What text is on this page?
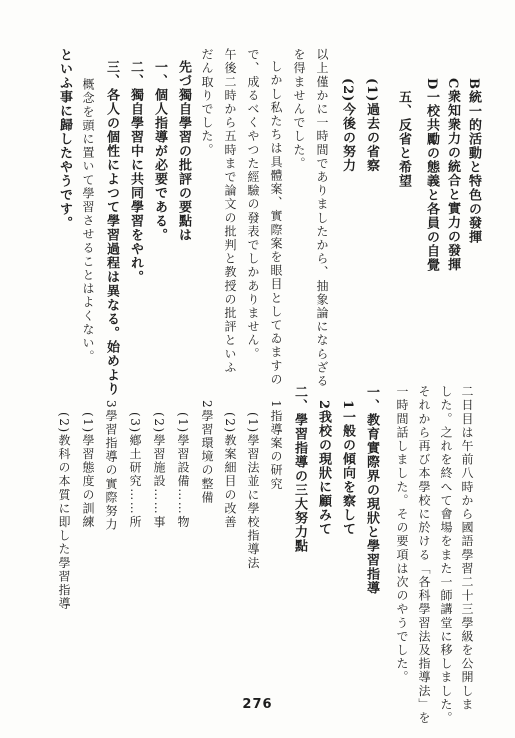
B統一的活動と特色の發揮
C衆知衆力の統合と實力の發揮
D一校共勵の態義と各員の自覺
五、反省と希望
(1)過去の省察
(2)今後の努力
以上僅かに一時間でありましたから、抽象論にならざる
を得ませんでした。
しかし私たちは具體案、實際案を眼目としてゐますの
で、成るべくやつた經驗の發表でしかありません。
午後二時から五時まで論文の批判と教授の批評といふ
だん取りでした。
先づ獨自學習の批評の要點は
一、個人指導が必要である。
二、獨自學習中に共同學習をやれ。
三、各人の個性によつて學習過程は異なる。始めより
概念を頭に置いて學習させることはよくない。
といふ事に歸したやうです。
二日目は午前八時から國語學習二十三學級を公開しま
した。之れを終へて會場をまた一師講堂に移しました。
それから再び本學校に於ける「各科學習法及指導法」を
一時間話しました。その要項は次のやうでした。
一、教育實際界の現狀と學習指導
1一般の傾向を察して
2我校の現狀に顧みて
二、學習指導の三大努力點
1指導案の研究
(1)學習法並に學校指導法
(2)教案細目の改善
2學習環境の整備
(1)學習設備……物
(2)學習施設……事
(3)鄕土研究……所
3學習指導の實際努力
(1)學習態度の訓練
(2)教科の本質に即した學習指導
276
